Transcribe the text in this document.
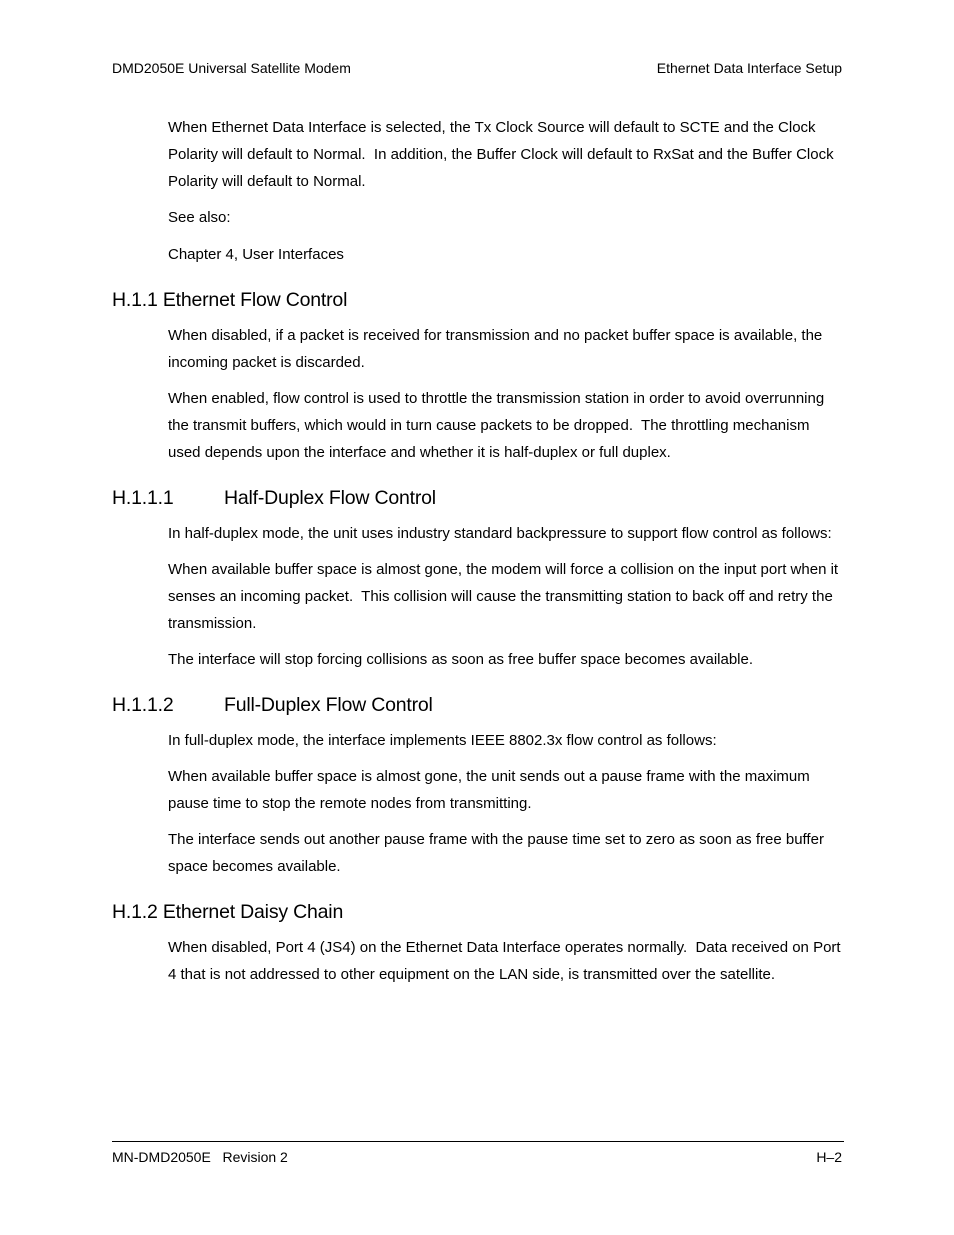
DMD2050E Universal Satellite Modem	Ethernet Data Interface Setup

When Ethernet Data Interface is selected, the Tx Clock Source will default to SCTE and the Clock Polarity will default to Normal.  In addition, the Buffer Clock will default to RxSat and the Buffer Clock Polarity will default to Normal.

See also:

Chapter 4, User Interfaces

H.1.1 Ethernet Flow Control

When disabled, if a packet is received for transmission and no packet buffer space is available, the incoming packet is discarded.

When enabled, flow control is used to throttle the transmission station in order to avoid overrunning the transmit buffers, which would in turn cause packets to be dropped.  The throttling mechanism used depends upon the interface and whether it is half-duplex or full duplex.

H.1.1.1	Half-Duplex Flow Control

In half-duplex mode, the unit uses industry standard backpressure to support flow control as follows:

When available buffer space is almost gone, the modem will force a collision on the input port when it senses an incoming packet.  This collision will cause the transmitting station to back off and retry the transmission.

The interface will stop forcing collisions as soon as free buffer space becomes available.

H.1.1.2	Full-Duplex Flow Control

In full-duplex mode, the interface implements IEEE 8802.3x flow control as follows:

When available buffer space is almost gone, the unit sends out a pause frame with the maximum pause time to stop the remote nodes from transmitting.

The interface sends out another pause frame with the pause time set to zero as soon as free buffer space becomes available.

H.1.2 Ethernet Daisy Chain

When disabled, Port 4 (JS4) on the Ethernet Data Interface operates normally.  Data received on Port 4 that is not addressed to other equipment on the LAN side, is transmitted over the satellite.

MN-DMD2050E   Revision 2	H–2
